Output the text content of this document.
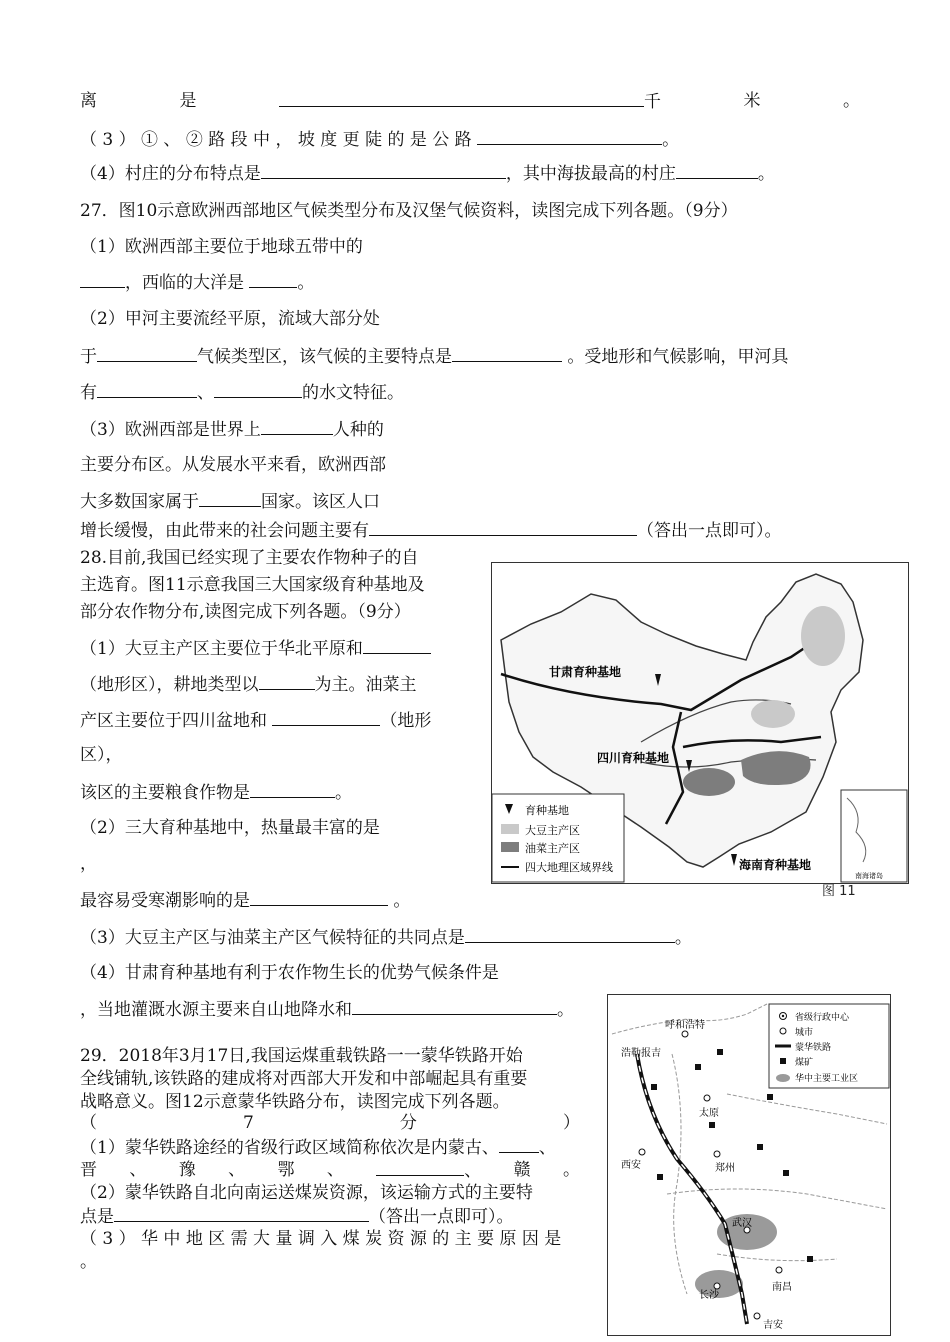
离	是	千	米	。
（ 3 ） ① 、 ② 路 段 中 ， 坡 度 更 陡 的 是 公 路	。
（4）村庄的分布特点是	，其中海拔最高的村庄	。
27．图10示意欧洲西部地区气候类型分布及汉堡气候资料，读图完成下列各题。（9分）
（1）欧洲西部主要位于地球五带中的
，西临的大洋是	。
（2）甲河主要流经平原，流域大部分处
于	气候类型区，该气候的主要特点是	。受地形和气候影响，甲河具
有	、	的水文特征。
（3）欧洲西部是世界上	人种的
主要分布区。从发展水平来看，欧洲西部
大多数国家属于	国家。该区人口
增长缓慢，由此带来的社会问题主要有	（答出一点即可）。
28.目前,我国已经实现了主要农作物种子的自
主选育。图11示意我国三大国家级育种基地及
部分农作物分布,读图完成下列各题。（9分）
（1）大豆主产区主要位于华北平原和
（地形区），耕地类型以	为主。油菜主
产区主要位于四川盆地和	（地形
区），
该区的主要粮食作物是	。
（2）三大育种基地中，热量最丰富的是
，
最容易受寒潮影响的是	。
（3）大豆主产区与油菜主产区气候特征的共同点是	。
（4）甘肃育种基地有利于农作物生长的优势气候条件是
，当地灌溉水源主要来自山地降水和	。
29．2018年3月17日,我国运煤重载铁路一一蒙华铁路开始
全线铺轨,该铁路的建成将对西部大开发和中部崛起具有重要
战略意义。图12示意蒙华铁路分布，读图完成下列各题。
（	7	分	）
（1）蒙华铁路途经的省级行政区域简称依次是内蒙古、 、
晋 、 豫 、 鄂 、	、 赣 。
（2）蒙华铁路自北向南运送煤炭资源，该运输方式的主要特
点是	（答出一点即可）。
（ 3 ） 华 中 地 区 需 大 量 调 入 煤 炭 资 源 的 主 要 原 因 是
。
甘肃育种基地
四川育种基地
海南育种基地
育种基地
大豆主产区
油菜主产区
四大地理区域界线
南海诸岛
图 11
呼和浩特
浩勒报吉
太原
西安	郑州
武汉
长沙
南昌
吉安
省级行政中心
城市
蒙华铁路
煤矿
华中主要工业区
